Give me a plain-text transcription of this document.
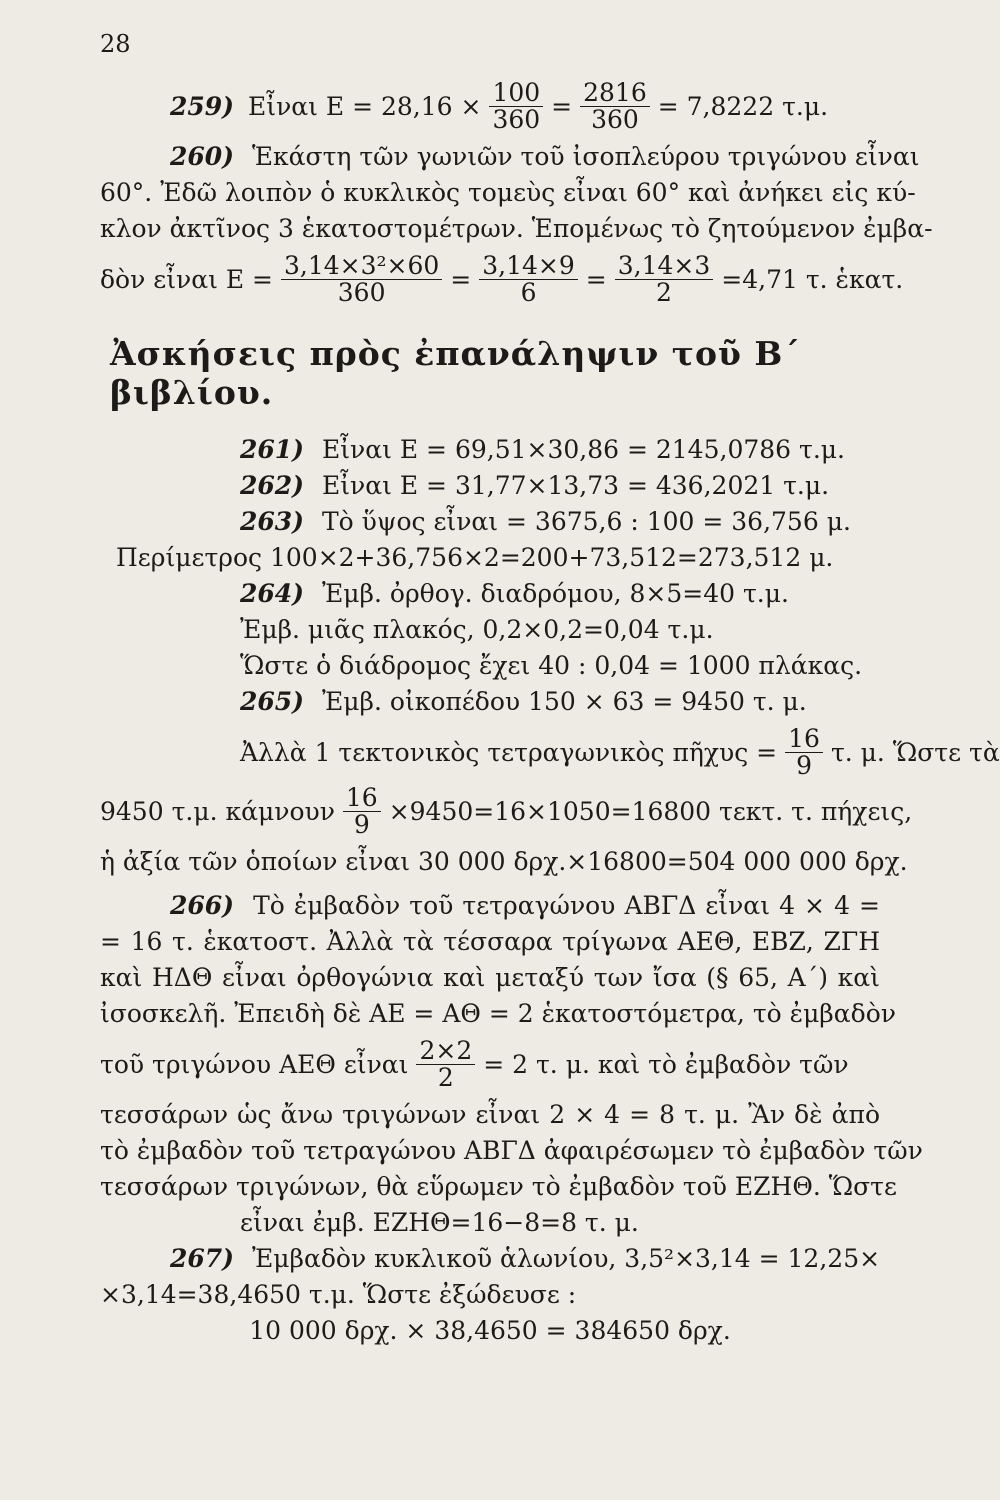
28
259) Εἶναι $E = 28,16 \times \frac{100}{360} = \frac{2816}{360} = 7,8222$ τ.μ.
260) Ἑκάστη τῶν γωνιῶν τοῦ ἰσοπλεύρου τριγώνου εἶναι
60°. Ἐδῶ λοιπὸν ὁ κυκλικὸς τομεὺς εἶναι 60° καὶ ἀνήκει εἰς κύ-
κλον ἀκτῖνος 3 ἑκατοστομέτρων. Ἑπομένως τὸ ζητούμενον ἐμβα-
δὸν εἶναι $E = \frac{\text{3,14×3²×60}}{360} = \frac{3,14\times 9}{6} = \frac{3,14\times 3}{2} =4,71$ τ. ἑκατ.
Ἀσκήσεις πρὸς ἐπανάληψιν τοῦ Β΄ βιβλίου.
261) Εἶναι Ε = 69,51×30,86 = 2145,0786 τ.μ.
262) Εἶναι Ε = 31,77×13,73 = 436,2021 τ.μ.
263) Τὸ ὕψος εἶναι = 3675,6 : 100 = 36,756 μ.
Περίμετρος 100×2+36,756×2=200+73,512=273,512 μ.
264) Ἐμβ. ὀρθογ. διαδρόμου, 8×5=40 τ.μ.
Ἐμβ. μιᾶς πλακός, 0,2×0,2=0,04 τ.μ.
Ὥστε ὁ διάδρομος ἔχει 40 : 0,04 = 1000 πλάκας.
265) Ἐμβ. οἰκοπέδου 150 × 63 = 9450 τ. μ.
Ἀλλὰ 1 τεκτονικὸς τετραγωνικὸς πῆχυς = $\frac{16}{9} \tau$. μ. Ὥστε τὰ
9450 τ.μ. κάμνουν $\frac{16}{9} \times 9450=16\times 1050=16800$ τεκτ. τ. πήχεις,
ἡ ἀξία τῶν ὁποίων εἶναι 30 000 δρχ.×16800=504 000 000 δρχ.
266) Τὸ ἐμβαδὸν τοῦ τετραγώνου ΑΒΓΔ εἶναι 4 × 4 =
= 16 τ. ἑκατοστ. Ἀλλὰ τὰ τέσσαρα τρίγωνα ΑΕΘ, ΕΒΖ, ΖΓΗ
καὶ ΗΔΘ εἶναι ὀρθογώνια καὶ μεταξύ των ἴσα (§ 65, Α΄) καὶ
ἰσοσκελῆ. Ἐπειδὴ δὲ ΑΕ = ΑΘ = 2 ἑκατοστόμετρα, τὸ ἐμβαδὸν
τοῦ τριγώνου ΑΕΘ εἶναι $\frac{2\times 2}{2} = 2$ τ. μ. καὶ τὸ ἐμβαδὸν τῶν
τεσσάρων ὡς ἄνω τριγώνων εἶναι 2 × 4 = 8 τ. μ. Ἂν δὲ ἀπὸ
τὸ ἐμβαδὸν τοῦ τετραγώνου ΑΒΓΔ ἀφαιρέσωμεν τὸ ἐμβαδὸν τῶν
τεσσάρων τριγώνων, θὰ εὕρωμεν τὸ ἐμβαδὸν τοῦ ΕΖΗΘ. Ὥστε
εἶναι ἐμβ. ΕΖΗΘ=16−8=8 τ. μ.
267) Ἐμβαδὸν κυκλικοῦ ἁλωνίου, 3,5²×3,14 = 12,25×
×3,14=38,4650 τ.μ. Ὥστε ἐξώδευσε :
10 000 δρχ. × 38,4650 = 384650 δρχ.
